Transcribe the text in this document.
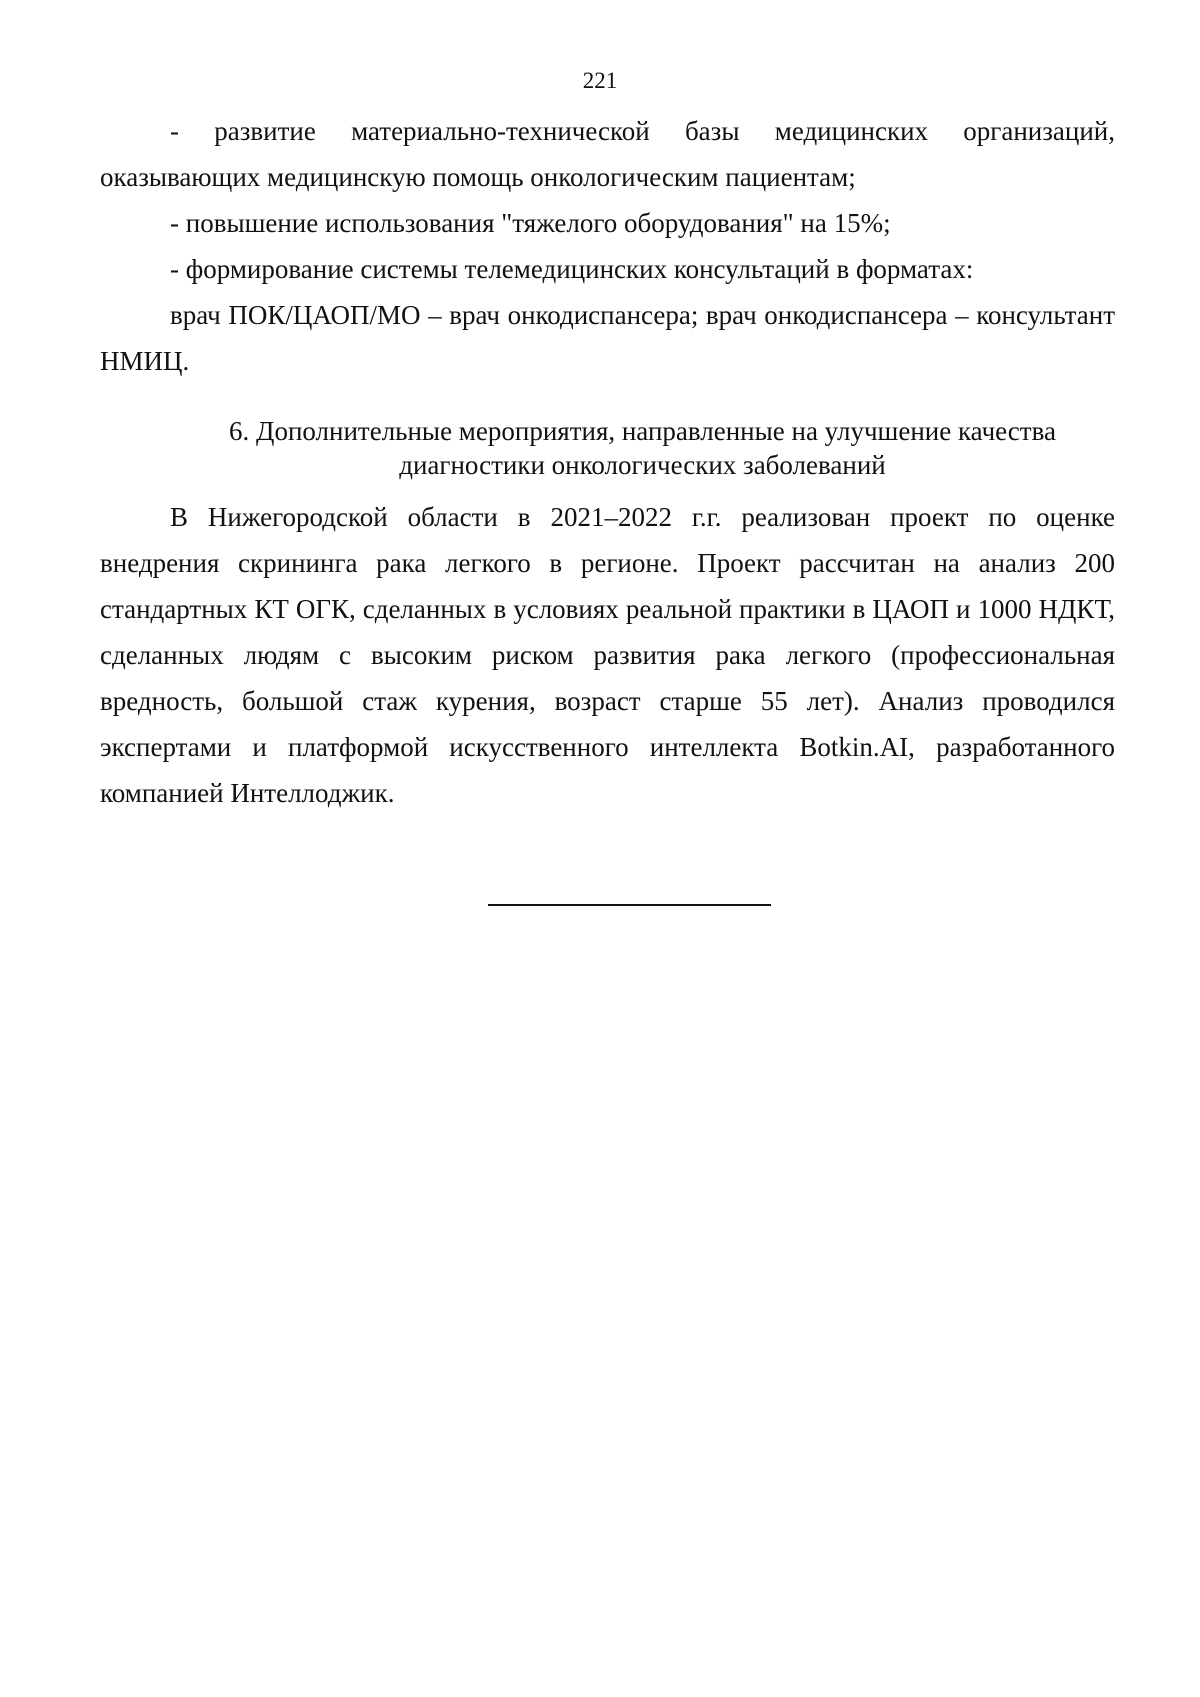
221

- развитие материально-технической базы медицинских организаций, оказывающих медицинскую помощь онкологическим пациентам;

- повышение использования "тяжелого оборудования" на 15%;

- формирование системы телемедицинских консультаций в форматах:

врач ПОК/ЦАОП/МО – врач онкодиспансера; врач онкодиспансера – консультант НМИЦ.

6. Дополнительные мероприятия, направленные на улучшение качества
диагностики онкологических заболеваний

В Нижегородской области в 2021–2022 г.г. реализован проект по оценке внедрения скрининга рака легкого в регионе. Проект рассчитан на анализ 200 стандартных КТ ОГК, сделанных в условиях реальной практики в ЦАОП и 1000 НДКТ, сделанных людям с высоким риском развития рака легкого (профессиональная вредность, большой стаж курения, возраст старше 55 лет). Анализ проводился экспертами и платформой искусственного интеллекта Botkin.AI, разработанного компанией Интеллоджик.
